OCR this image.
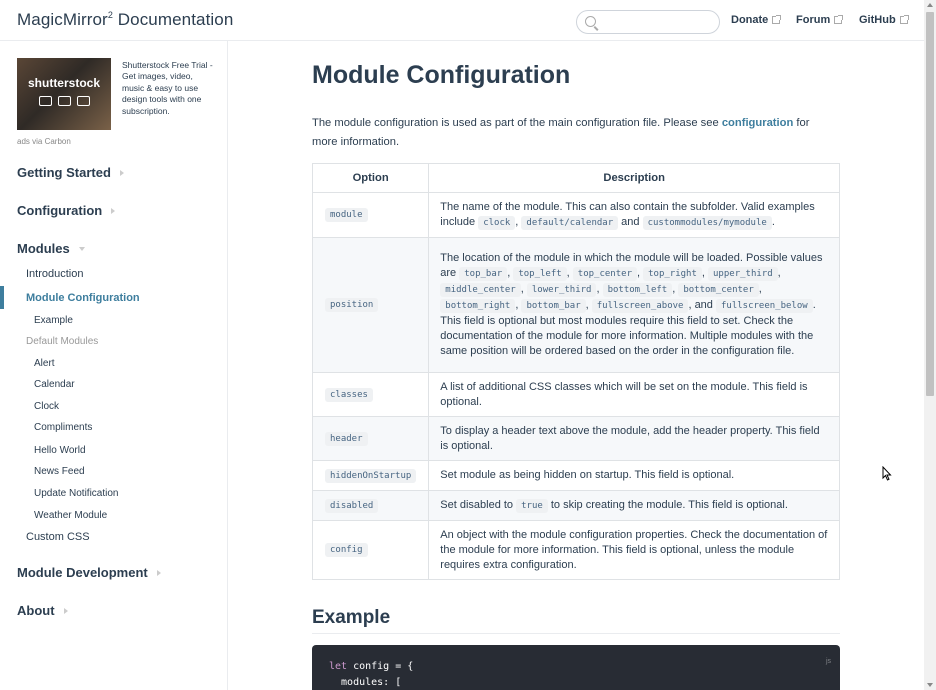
MagicMirror$^2$ Documentation	Donate	Forum	GitHub
shutterstock
Shutterstock Free Trial - Get images, video, music & easy to use design tools with one subscription.
ads via Carbon
Getting Started
Configuration
Modules
Introduction
Module Configuration
Example
Default Modules
Alert
Calendar
Clock
Compliments
Hello World
News Feed
Update Notification
Weather Module
Custom CSS
Module Development
About
Module Configuration

The module configuration is used as part of the main configuration file. Please see configuration for more information.

Option	Description
module	The name of the module. This can also contain the subfolder. Valid examples include clock , default/calendar and custommodules/mymodule .
position	The location of the module in which the module will be loaded. Possible values are top_bar , top_left , top_center , top_right , upper_third , middle_center , lower_third , bottom_left , bottom_center , bottom_right , bottom_bar , fullscreen_above , and fullscreen_below . This field is optional but most modules require this field to set. Check the documentation of the module for more information. Multiple modules with the same position will be ordered based on the order in the configuration file.
classes	A list of additional CSS classes which will be set on the module. This field is optional.
header	To display a header text above the module, add the header property. This field is optional.
hiddenOnStartup	Set module as being hidden on startup. This field is optional.
disabled	Set disabled to true to skip creating the module. This field is optional.
config	An object with the module configuration properties. Check the documentation of the module for more information. This field is optional, unless the module requires extra configuration.
Example
js
let config = {
modules: [
